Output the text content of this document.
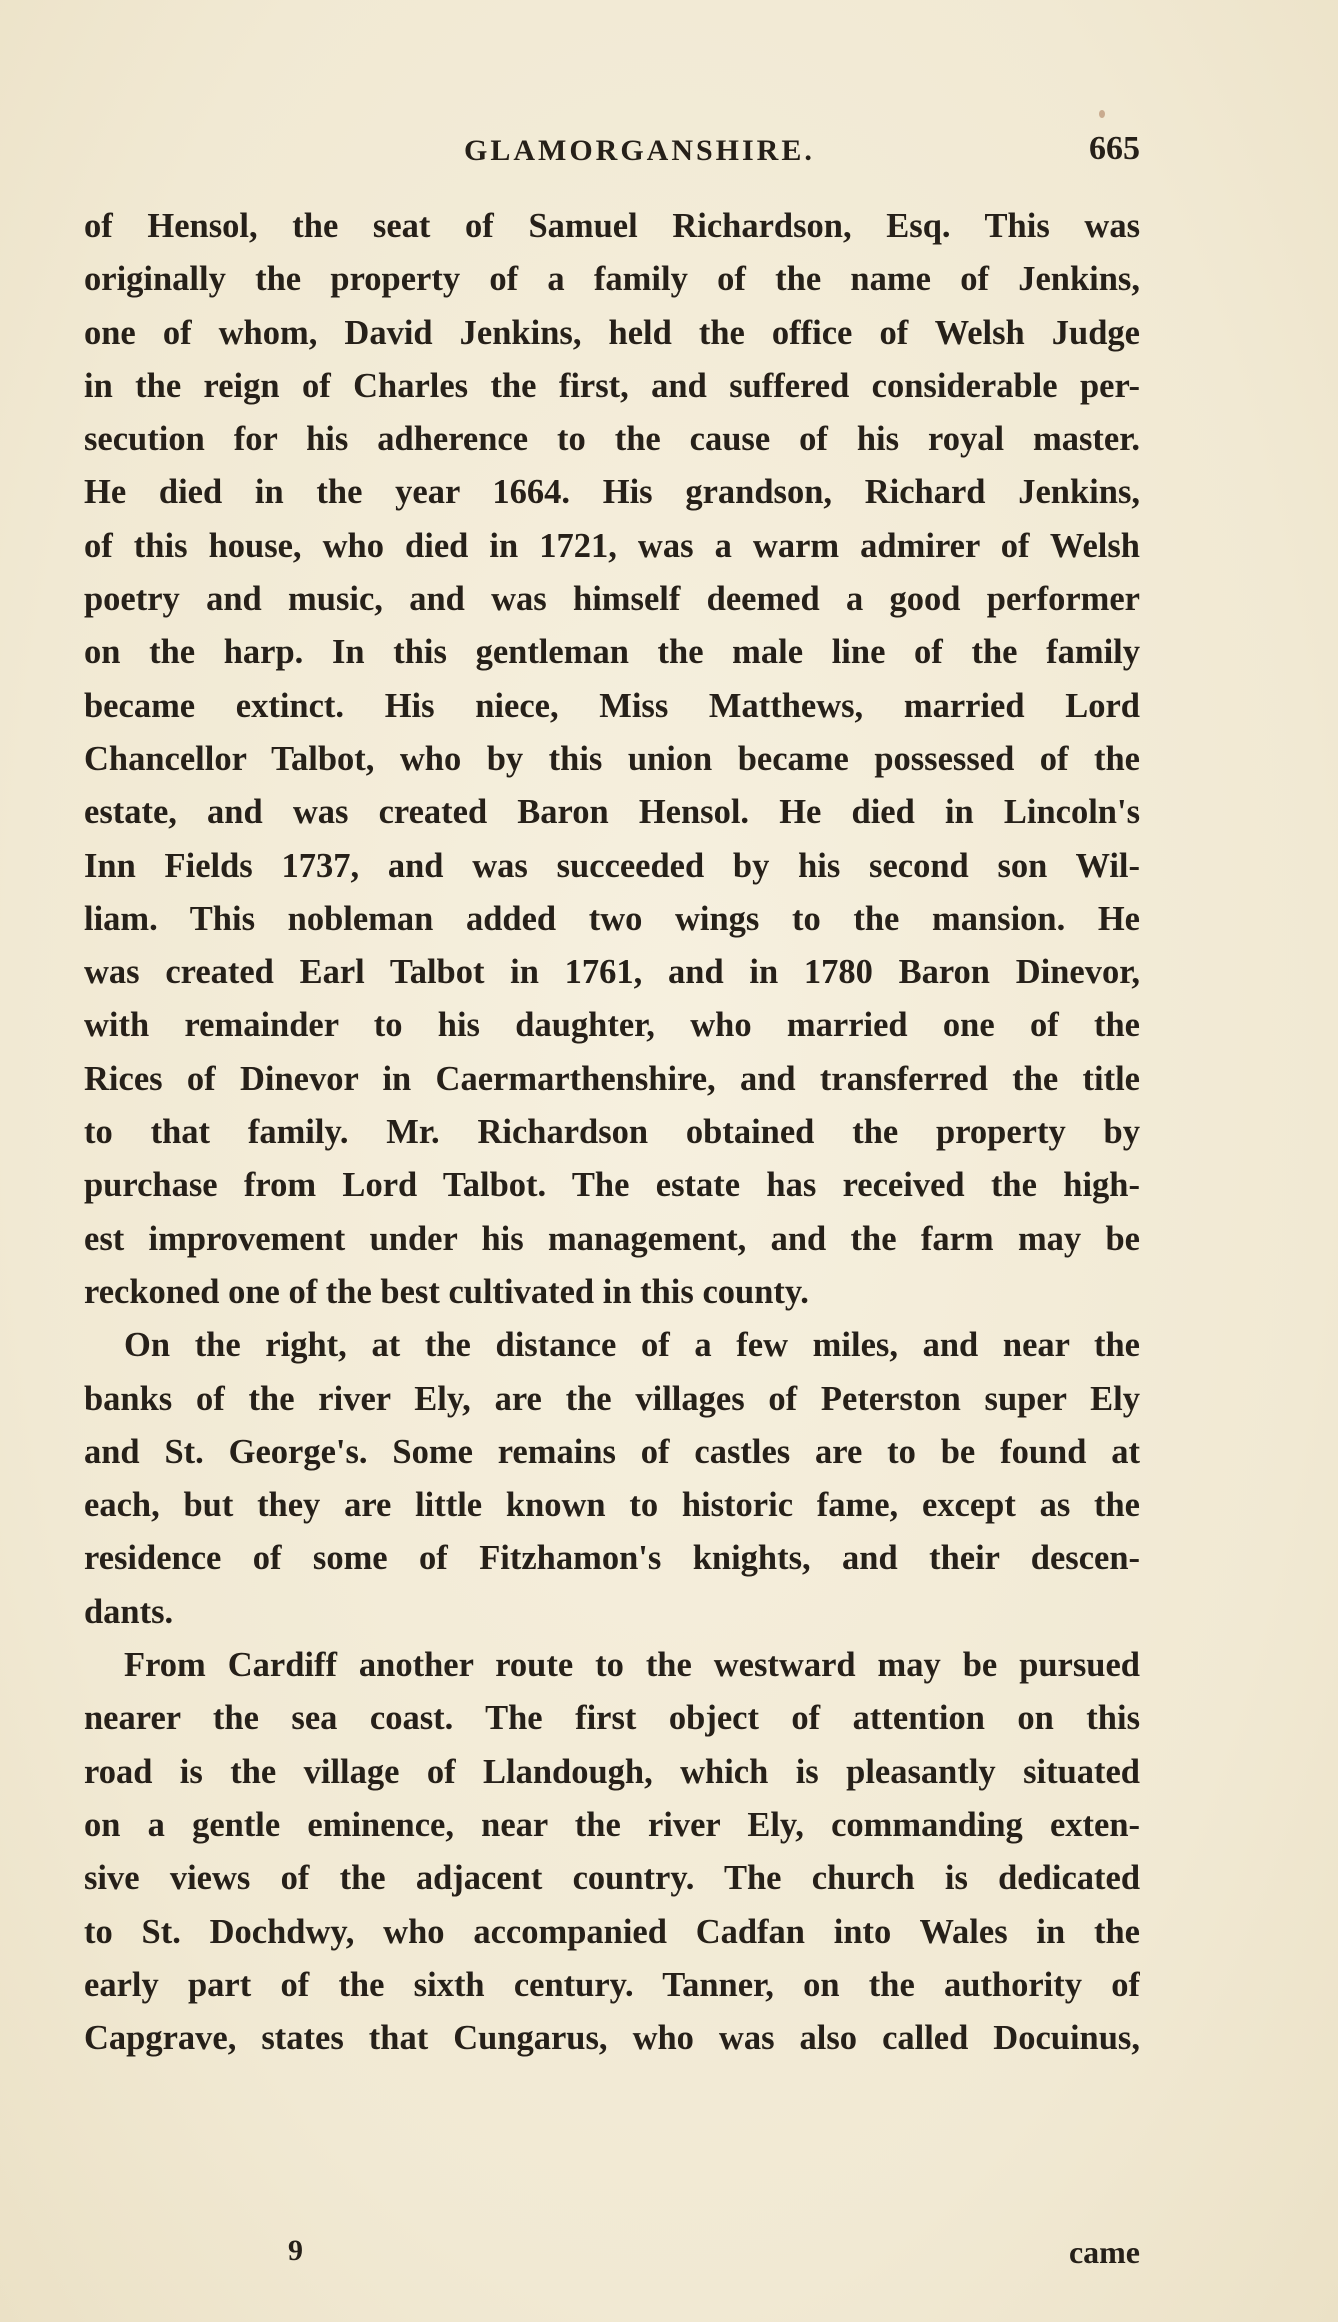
GLAMORGANSHIRE.	665
of Hensol, the seat of Samuel Richardson, Esq. This was
originally the property of a family of the name of Jenkins,
one of whom, David Jenkins, held the office of Welsh Judge
in the reign of Charles the first, and suffered considerable per-
secution for his adherence to the cause of his royal master.
He died in the year 1664. His grandson, Richard Jenkins,
of this house, who died in 1721, was a warm admirer of Welsh
poetry and music, and was himself deemed a good performer
on the harp. In this gentleman the male line of the family
became extinct. His niece, Miss Matthews, married Lord
Chancellor Talbot, who by this union became possessed of the
estate, and was created Baron Hensol. He died in Lincoln's
Inn Fields 1737, and was succeeded by his second son Wil-
liam. This nobleman added two wings to the mansion. He
was created Earl Talbot in 1761, and in 1780 Baron Dinevor,
with remainder to his daughter, who married one of the
Rices of Dinevor in Caermarthenshire, and transferred the title
to that family. Mr. Richardson obtained the property by
purchase from Lord Talbot. The estate has received the high-
est improvement under his management, and the farm may be
reckoned one of the best cultivated in this county.
On the right, at the distance of a few miles, and near the
banks of the river Ely, are the villages of Peterston super Ely
and St. George's. Some remains of castles are to be found at
each, but they are little known to historic fame, except as the
residence of some of Fitzhamon's knights, and their descen-
dants.
From Cardiff another route to the westward may be pursued
nearer the sea coast. The first object of attention on this
road is the village of Llandough, which is pleasantly situated
on a gentle eminence, near the river Ely, commanding exten-
sive views of the adjacent country. The church is dedicated
to St. Dochdwy, who accompanied Cadfan into Wales in the
early part of the sixth century. Tanner, on the authority of
Capgrave, states that Cungarus, who was also called Docuinus,
9	came
